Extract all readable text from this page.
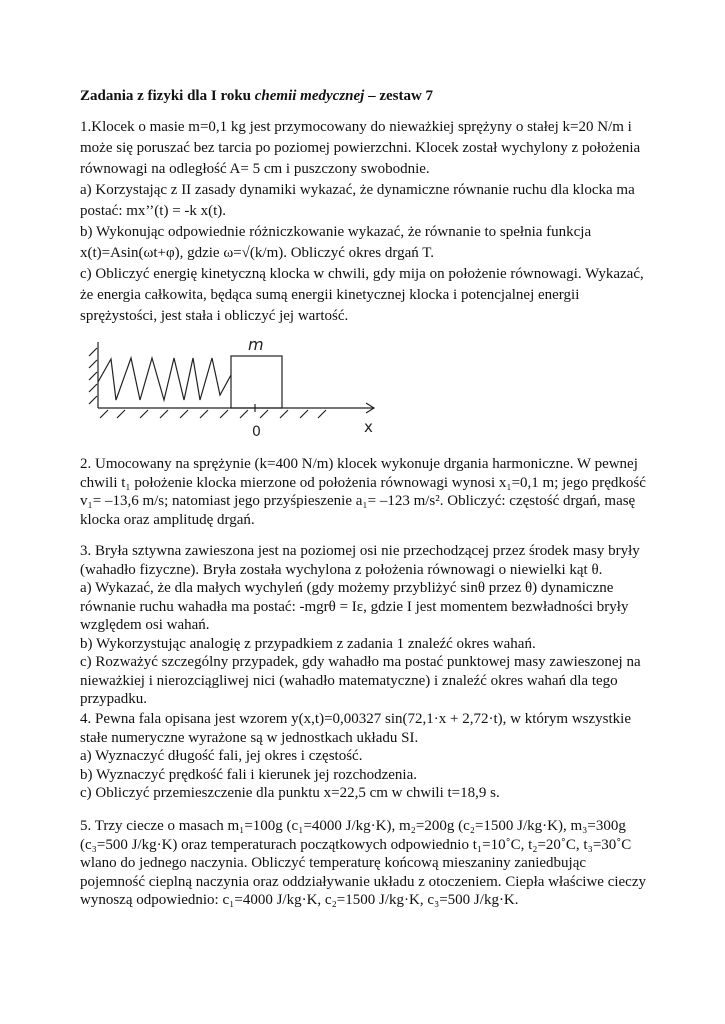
Zadania z fizyki dla I roku chemii medycznej – zestaw 7
1.Klocek o masie m=0,1 kg jest przymocowany do nieważkiej sprężyny o stałej k=20 N/m i
może się poruszać bez tarcia po poziomej powierzchni. Klocek został wychylony z położenia
równowagi na odległość A= 5 cm i puszczony swobodnie.
a) Korzystając z II zasady dynamiki wykazać, że dynamiczne równanie ruchu dla klocka ma
postać: mx’’(t) = -k x(t).
b) Wykonując odpowiednie różniczkowanie wykazać, że równanie to spełnia funkcja
x(t)=Asin(ωt+φ), gdzie ω=√(k/m). Obliczyć okres drgań T.
c) Obliczyć energię kinetyczną klocka w chwili, gdy mija on położenie równowagi. Wykazać,
że energia całkowita, będąca sumą energii kinetycznej klocka i potencjalnej energii
sprężystości, jest stała i obliczyć jej wartość.
2. Umocowany na sprężynie (k=400 N/m) klocek wykonuje drgania harmoniczne. W pewnej
chwili t₁ położenie klocka mierzone od położenia równowagi wynosi x₁=0,1 m; jego prędkość
v₁= –13,6 m/s; natomiast jego przyśpieszenie a₁= –123 m/s². Obliczyć: częstość drgań, masę
klocka oraz amplitudę drgań.
3. Bryła sztywna zawieszona jest na poziomej osi nie przechodzącej przez środek masy bryły
(wahadło fizyczne). Bryła została wychylona z położenia równowagi o niewielki kąt θ.
a) Wykazać, że dla małych wychyleń (gdy możemy przybliżyć sinθ przez θ) dynamiczne
równanie ruchu wahadła ma postać: -mgrθ = Iε, gdzie I jest momentem bezwładności bryły
względem osi wahań.
b) Wykorzystując analogię z przypadkiem z zadania 1 znaleźć okres wahań.
c) Rozważyć szczególny przypadek, gdy wahadło ma postać punktowej masy zawieszonej na
nieważkiej i nierozciągliwej nici (wahadło matematyczne) i znaleźć okres wahań dla tego
przypadku.
4. Pewna fala opisana jest wzorem y(x,t)=0,00327 sin(72,1·x + 2,72·t), w którym wszystkie
stałe numeryczne wyrażone są w jednostkach układu SI.
a) Wyznaczyć długość fali, jej okres i częstość.
b) Wyznaczyć prędkość fali i kierunek jej rozchodzenia.
c) Obliczyć przemieszczenie dla punktu x=22,5 cm w chwili t=18,9 s.
5. Trzy ciecze o masach m₁=100g (c₁=4000 J/kg·K), m₂=200g (c₂=1500 J/kg·K), m₃=300g
(c₃=500 J/kg·K) oraz temperaturach początkowych odpowiednio t₁=10˚C, t₂=20˚C, t₃=30˚C
wlano do jednego naczynia. Obliczyć temperaturę końcową mieszaniny zaniedbując
pojemność cieplną naczynia oraz oddziaływanie układu z otoczeniem. Ciepła właściwe cieczy
wynoszą odpowiednio: c₁=4000 J/kg·K, c₂=1500 J/kg·K, c₃=500 J/kg·K.
m
0	x
